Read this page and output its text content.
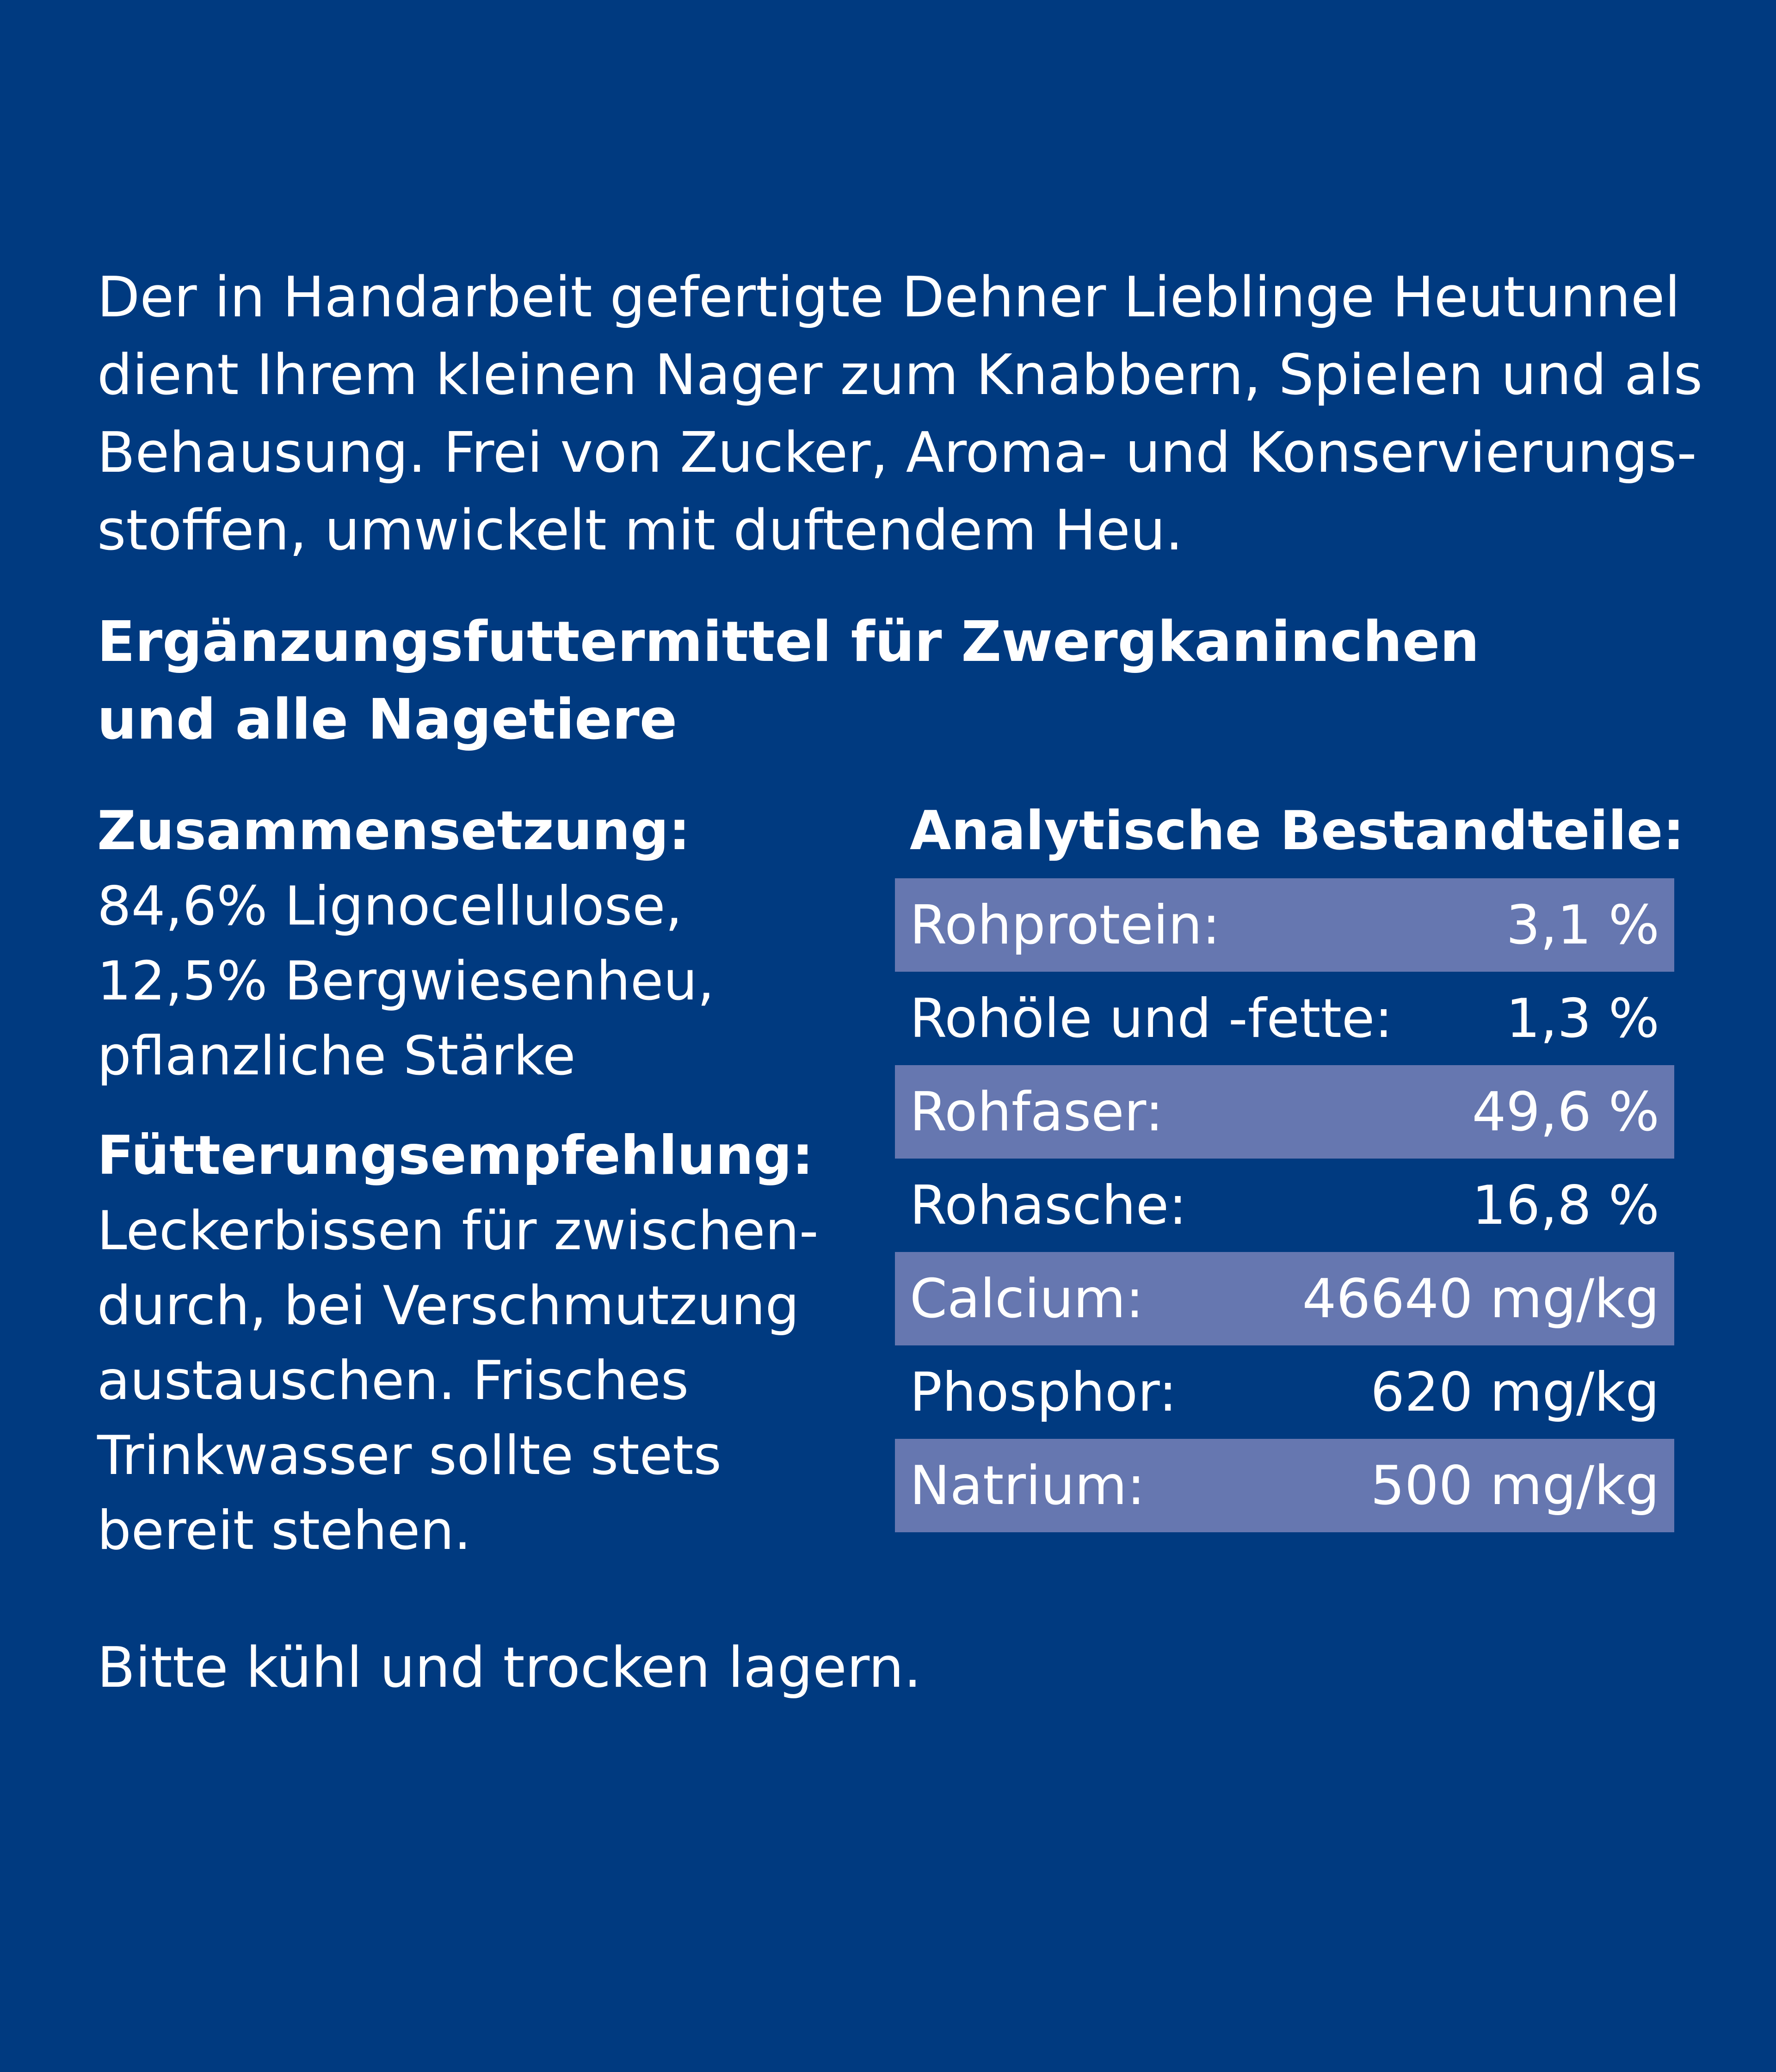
Der in Handarbeit gefertigte Dehner Lieblinge Heutunnel
dient Ihrem kleinen Nager zum Knabbern, Spielen und als
Behausung. Frei von Zucker, Aroma- und Konservierungs-
stoffen, umwickelt mit duftendem Heu.

Ergänzungsfuttermittel für Zwergkaninchen
und alle Nagetiere
Zusammensetzung:

84,6% Lignocellulose,
12,5% Bergwiesenheu,
pflanzliche Stärke

Fütterungsempfehlung:

Leckerbissen für zwischen-
durch, bei Verschmutzung
austauschen. Frisches
Trinkwasser sollte stets
bereit stehen.

Analytische Bestandteile:
Rohprotein:	3,1 %
Rohöle und -fette: 1,3 %
Rohfaser:	49,6 %
Rohasche:	16,8 %
Calcium:	46640 mg/kg
Phosphor:	620 mg/kg
Natrium:	500 mg/kg

Bitte kühl und trocken lagern.
